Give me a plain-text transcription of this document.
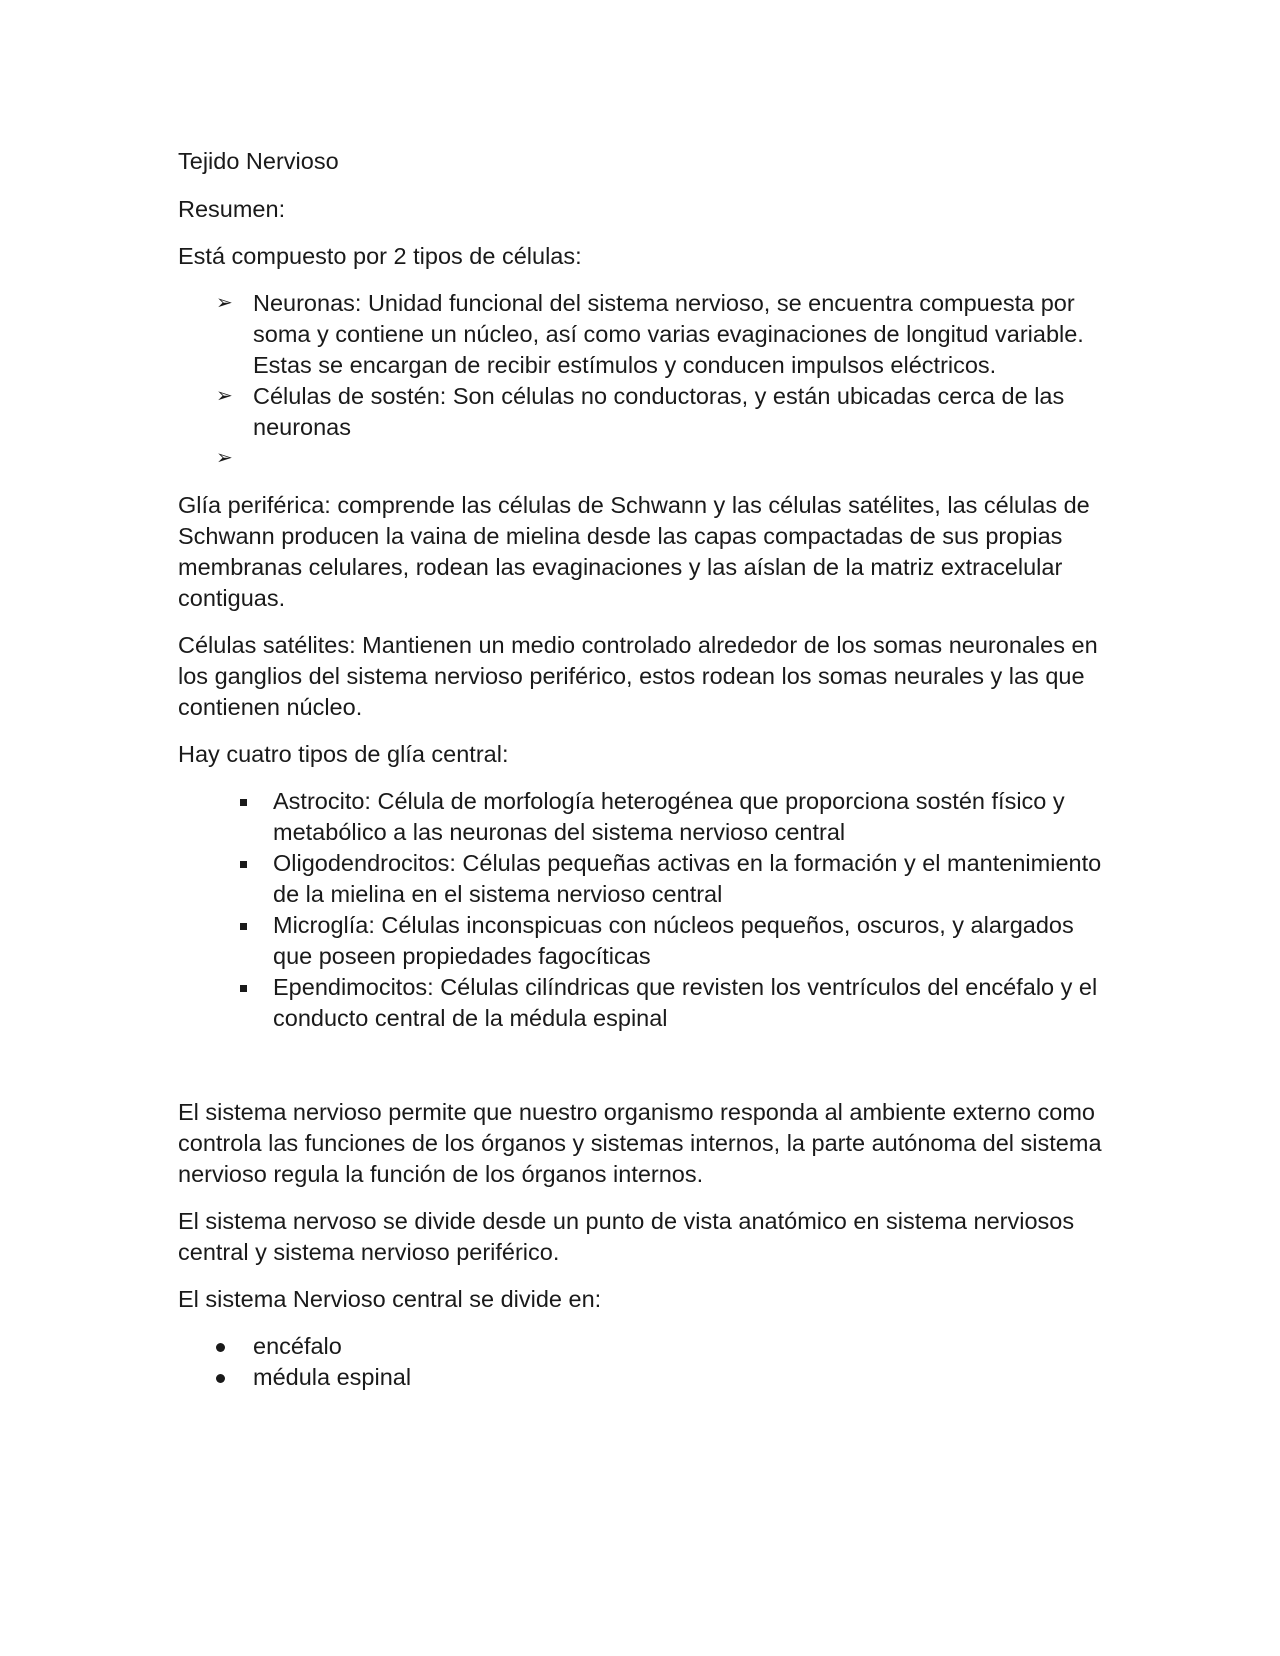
Tejido Nervioso

Resumen:

Está compuesto por 2 tipos de células:

➢ Neuronas: Unidad funcional del sistema nervioso, se encuentra compuesta por soma y contiene un núcleo, así como varias evaginaciones de longitud variable. Estas se encargan de recibir estímulos y conducen impulsos eléctricos.
➢ Células de sostén: Son células no conductoras, y están ubicadas cerca de las neuronas
➢

Glía periférica: comprende las células de Schwann y las células satélites, las células de Schwann producen la vaina de mielina desde las capas compactadas de sus propias membranas celulares, rodean las evaginaciones y las aíslan de la matriz extracelular contiguas.

Células satélites: Mantienen un medio controlado alrededor de los somas neuronales en los ganglios del sistema nervioso periférico, estos rodean los somas neurales y las que contienen núcleo.

Hay cuatro tipos de glía central:

Astrocito: Célula de morfología heterogénea que proporciona sostén físico y metabólico a las neuronas del sistema nervioso central
Oligodendrocitos: Células pequeñas activas en la formación y el mantenimiento de la mielina en el sistema nervioso central
Microglía: Células inconspicuas con núcleos pequeños, oscuros, y alargados que poseen propiedades fagocíticas
Ependimocitos: Células cilíndricas que revisten los ventrículos del encéfalo y el conducto central de la médula espinal

El sistema nervioso permite que nuestro organismo responda al ambiente externo como controla las funciones de los órganos y sistemas internos, la parte autónoma del sistema nervioso regula la función de los órganos internos.

El sistema nervoso se divide desde un punto de vista anatómico en sistema nerviosos central y sistema nervioso periférico.

El sistema Nervioso central se divide en:

encéfalo
médula espinal
